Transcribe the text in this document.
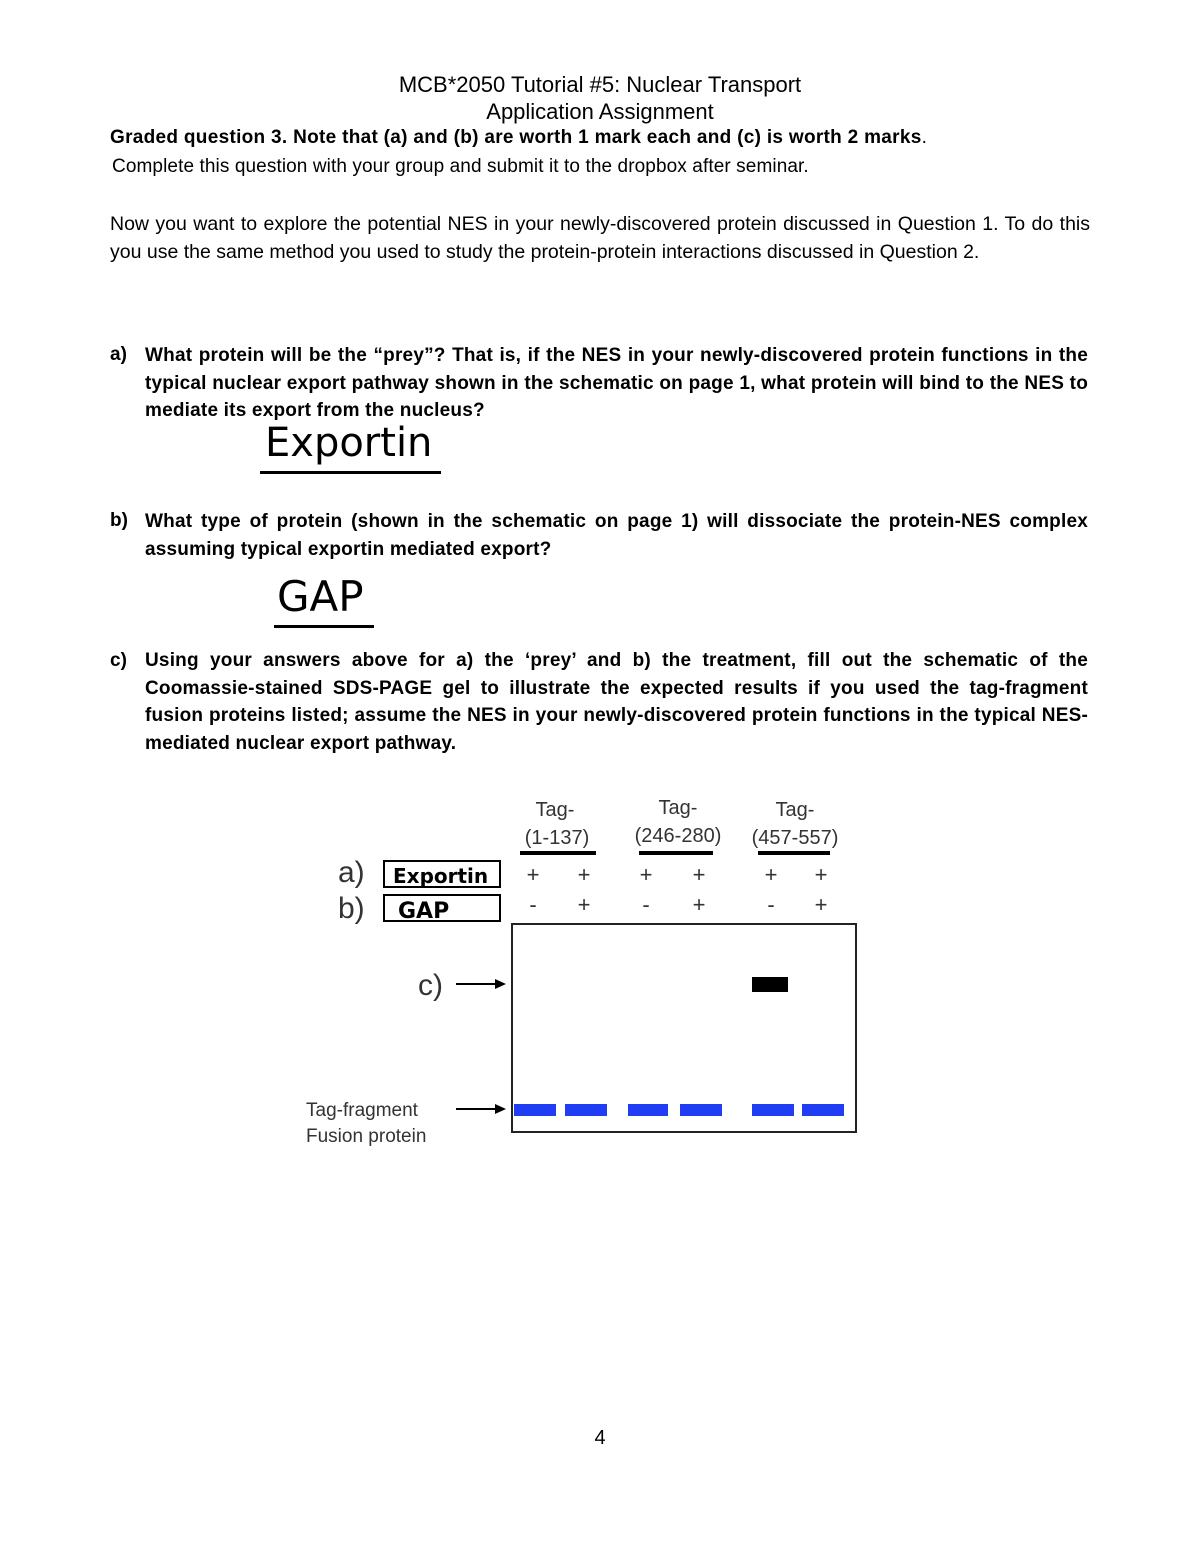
MCB*2050 Tutorial #5: Nuclear Transport
Application Assignment
Graded question 3. Note that (a) and (b) are worth 1 mark each and (c) is worth 2 marks.
Complete this question with your group and submit it to the dropbox after seminar.
Now you want to explore the potential NES in your newly-discovered protein discussed in Question 1. To do this you use the same method you used to study the protein-protein interactions discussed in Question 2.
a) What protein will be the “prey”? That is, if the NES in your newly-discovered protein functions in the typical nuclear export pathway shown in the schematic on page 1, what protein will bind to the NES to mediate its export from the nucleus?
Exportin
b) What type of protein (shown in the schematic on page 1) will dissociate the protein-NES complex assuming typical exportin mediated export?
GAP
c) Using your answers above for a) the ‘prey’ and b) the treatment, fill out the schematic of the Coomassie-stained SDS-PAGE gel to illustrate the expected results if you used the tag-fragment fusion proteins listed; assume the NES in your newly-discovered protein functions in the typical NES-mediated nuclear export pathway.
Tag-
(1-137)
Tag-
(246-280)
Tag-
(457-557)
a)
b)
Exportin
GAP
+ + + +	+ +
- + - +	- +
c)
Tag-fragment
Fusion protein
4
